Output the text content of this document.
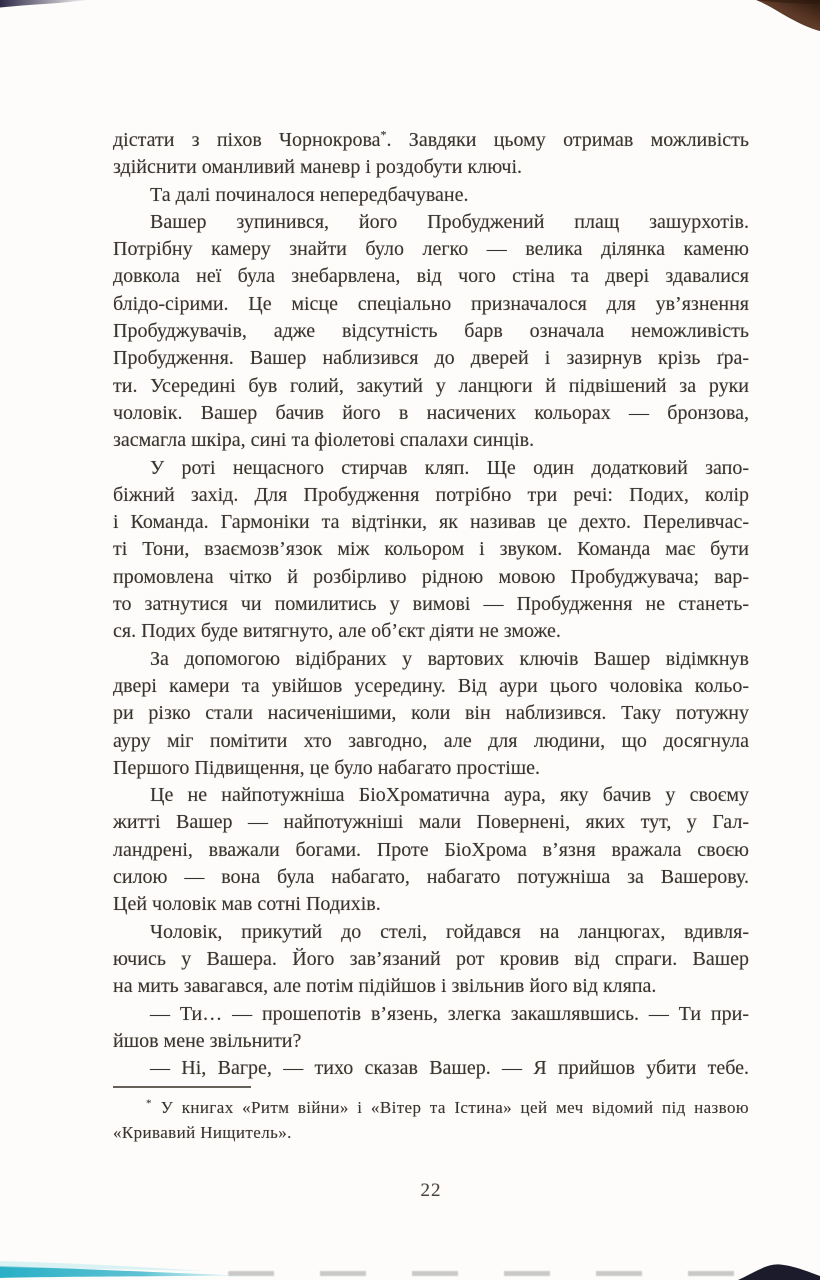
дістати з піхов Чорнокрова*. Завдяки цьому отримав можливість
здійснити оманливий маневр і роздобути ключі.
Та далі починалося непередбачуване.
Вашер зупинився, його Пробуджений плащ зашурхотів.
Потрібну камеру знайти було легко — велика ділянка каменю
довкола неї була знебарвлена, від чого стіна та двері здавалися
блідо-сірими. Це місце спеціально призначалося для ув’язнення
Пробуджувачів, адже відсутність барв означала неможливість
Пробудження. Вашер наблизився до дверей і зазирнув крізь ґра-
ти. Усередині був голий, закутий у ланцюги й підвішений за руки
чоловік. Вашер бачив його в насичених кольорах — бронзова,
засмагла шкіра, сині та фіолетові спалахи синців.
У роті нещасного стирчав кляп. Ще один додатковий запо-
біжний захід. Для Пробудження потрібно три речі: Подих, колір
і Команда. Гармоніки та відтінки, як називав це дехто. Переливчас-
ті Тони, взаємозв’язок між кольором і звуком. Команда має бути
промовлена чітко й розбірливо рідною мовою Пробуджувача; вар-
то затнутися чи помилитись у вимові — Пробудження не станеть-
ся. Подих буде витягнуто, але об’єкт діяти не зможе.
За допомогою відібраних у вартових ключів Вашер відімкнув
двері камери та увійшов усередину. Від аури цього чоловіка кольо-
ри різко стали насиченішими, коли він наблизився. Таку потужну
ауру міг помітити хто завгодно, але для людини, що досягнула
Першого Підвищення, це було набагато простіше.
Це не найпотужніша БіоХроматична аура, яку бачив у своєму
житті Вашер — найпотужніші мали Повернені, яких тут, у Гал-
ландрені, вважали богами. Проте БіоХрома в’язня вражала своєю
силою — вона була набагато, набагато потужніша за Вашерову.
Цей чоловік мав сотні Подихів.
Чоловік, прикутий до стелі, гойдався на ланцюгах, вдивля-
ючись у Вашера. Його зав’язаний рот кровив від спраги. Вашер
на мить завагався, але потім підійшов і звільнив його від кляпа.
— Ти… — прошепотів в’язень, злегка закашлявшись. — Ти при-
йшов мене звільнити?
— Ні, Вагре, — тихо сказав Вашер. — Я прийшов убити тебе.
* У книгах «Ритм війни» і «Вітер та Істина» цей меч відомий під назвою
«Кривавий Нищитель».
22
